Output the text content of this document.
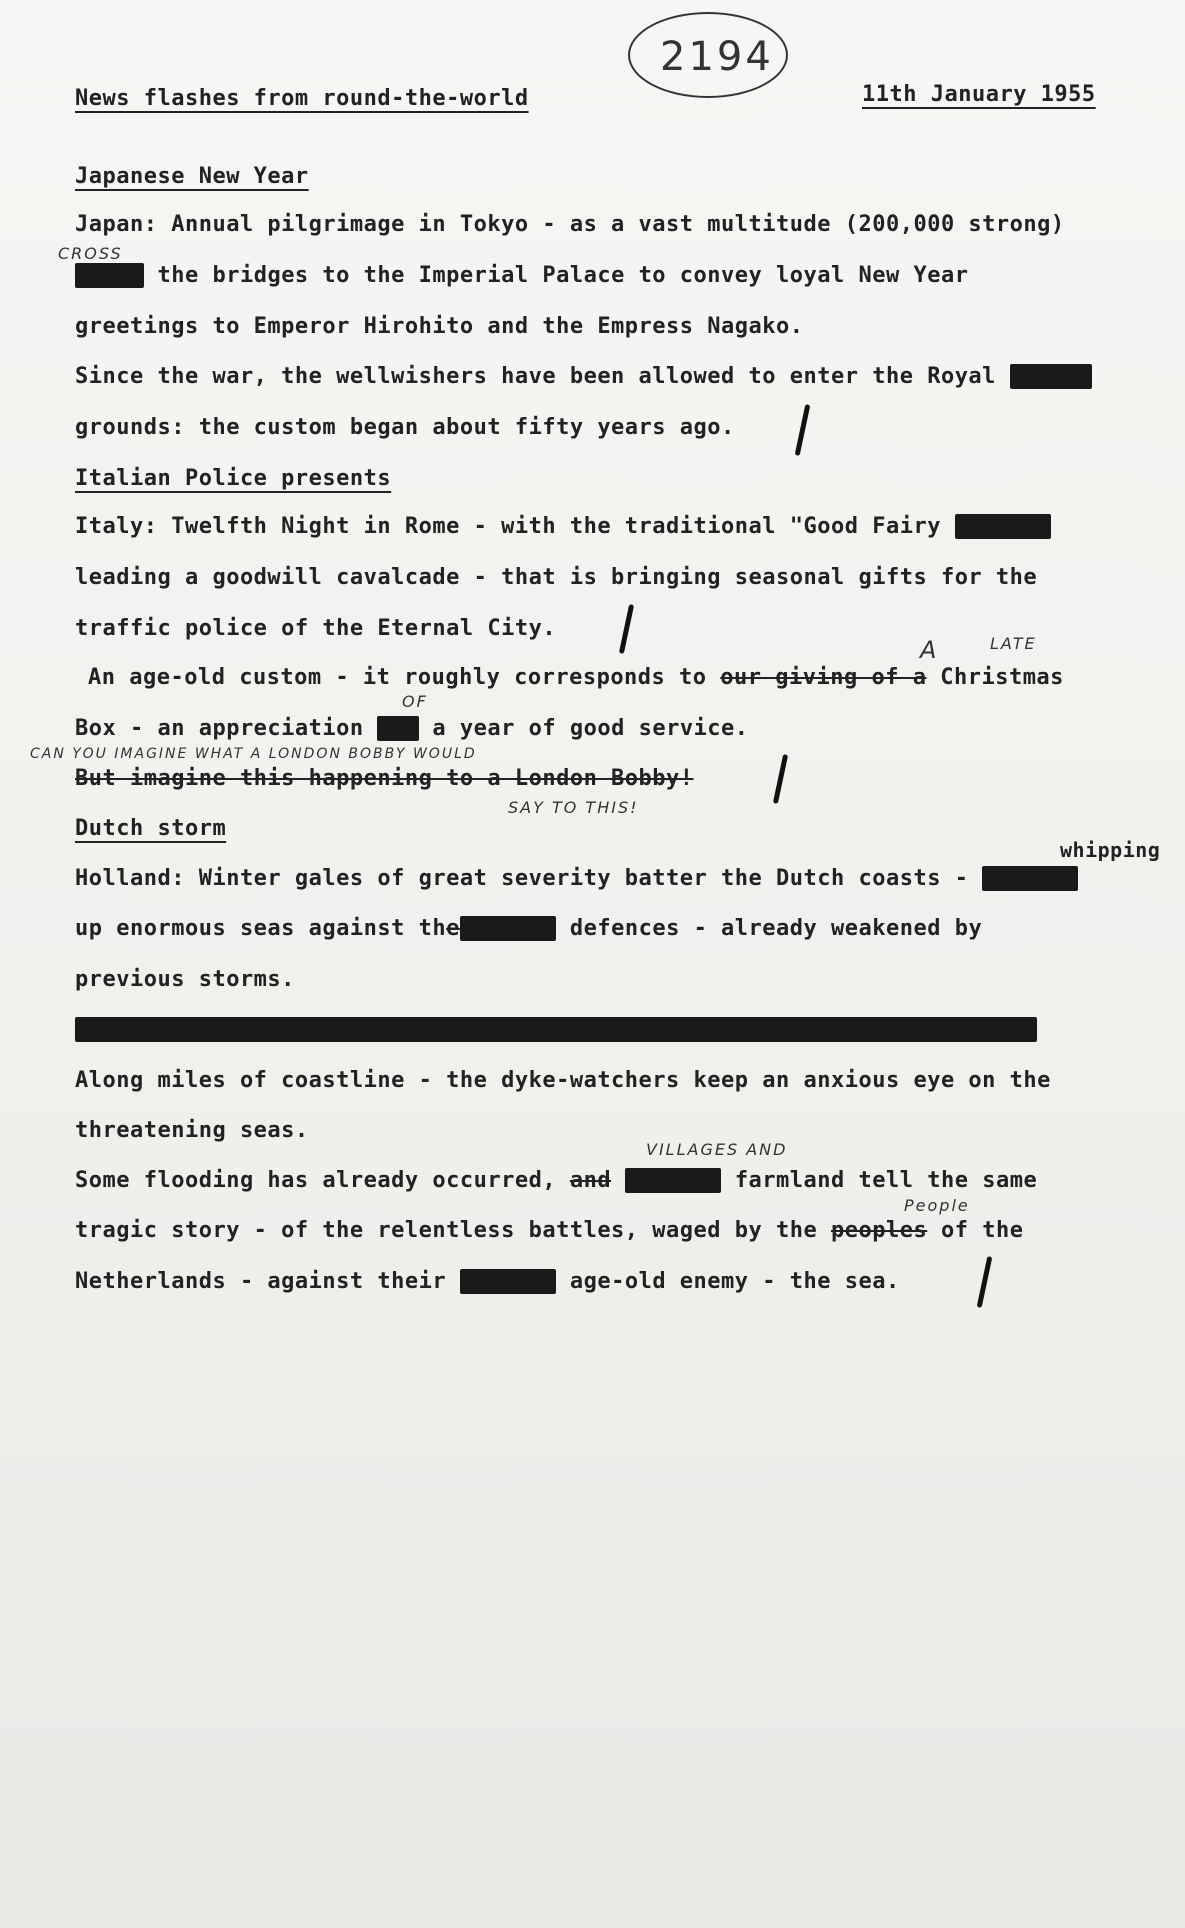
2194
News flashes from round-the-world	11th January 1955
Japanese New Year
Japan: Annual pilgrimage in Tokyo - as a vast multitude (200,000 strong)
CROSS
the bridges to the Imperial Palace to convey loyal New Year
greetings to Emperor Hirohito and the Empress Nagako.
Since the war, the wellwishers have been allowed to enter the Royal
grounds: the custom began about fifty years ago.
Italian Police presents
Italy: Twelfth Night in Rome - with the traditional "Good Fairy
leading a goodwill cavalcade - that is bringing seasonal gifts for the
traffic police of the Eternal City.
A	LATE
An age-old custom - it roughly corresponds to our giving of a Christmas
OF
Box - an appreciation	a year of good service.
CAN YOU IMAGINE WHAT A LONDON BOBBY WOULD
But imagine this happening to a London Bobby!
SAY TO THIS!
Dutch storm
whipping
Holland: Winter gales of great severity batter the Dutch coasts -
up enormous seas against the	defences - already weakened by
previous storms.
Along miles of coastline - the dyke-watchers keep an anxious eye on the
threatening seas.
VILLAGES AND
Some flooding has already occurred, and	farmland tell the same
People
tragic story - of the relentless battles, waged by the peoples of the
Netherlands - against their	age-old enemy - the sea.
